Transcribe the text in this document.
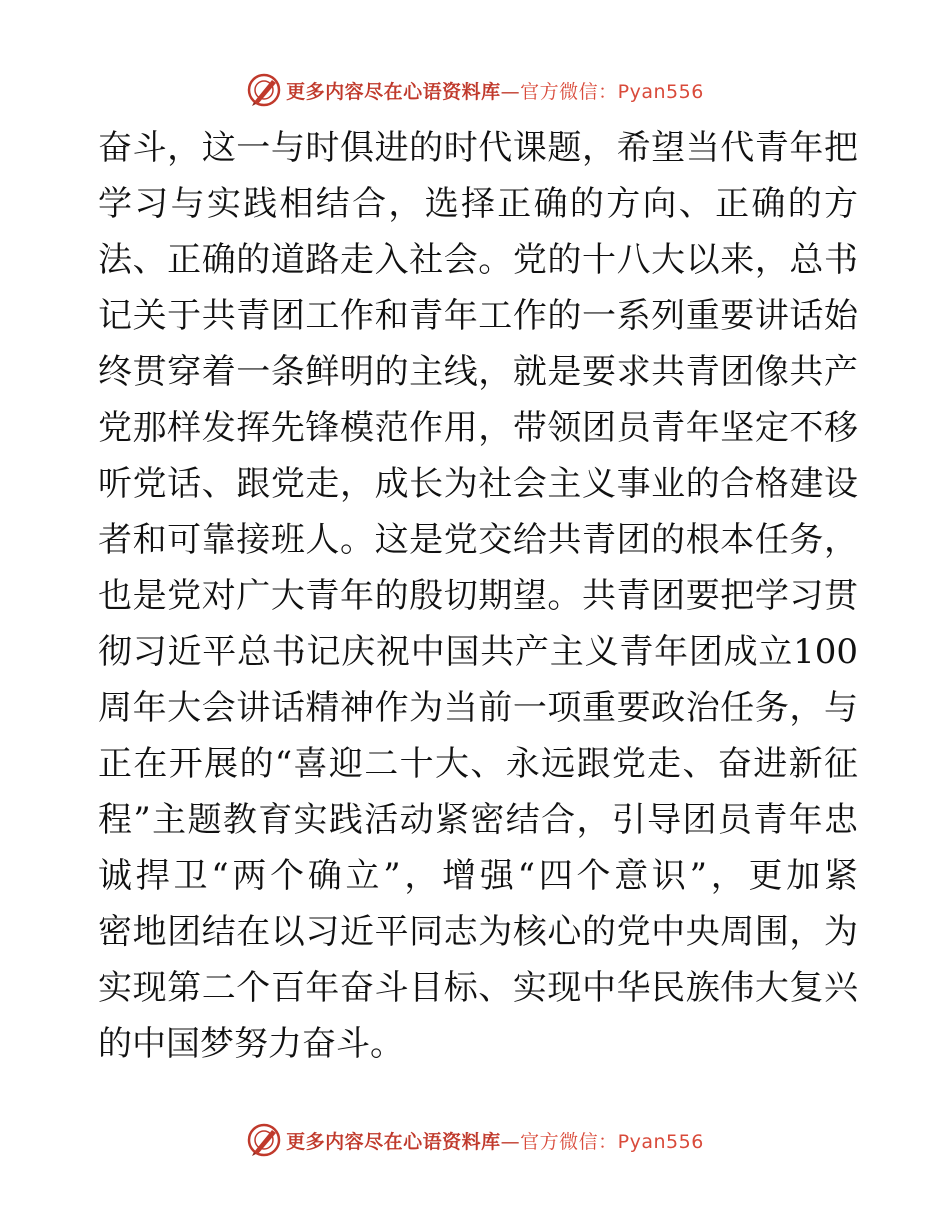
更多内容尽在心语资料库—官方微信：Pyan556
奋斗，这一与时俱进的时代课题，希望当代青年把
学习与实践相结合，选择正确的方向、正确的方
法、正确的道路走入社会。党的十八大以来，总书
记关于共青团工作和青年工作的一系列重要讲话始
终贯穿着一条鲜明的主线，就是要求共青团像共产
党那样发挥先锋模范作用，带领团员青年坚定不移
听党话、跟党走，成长为社会主义事业的合格建设
者和可靠接班人。这是党交给共青团的根本任务，
也是党对广大青年的殷切期望。共青团要把学习贯
彻习近平总书记庆祝中国共产主义青年团成立100
周年大会讲话精神作为当前一项重要政治任务，与
正在开展的“喜迎二十大、永远跟党走、奋进新征
程”主题教育实践活动紧密结合，引导团员青年忠
诚捍卫“两个确立”，增强“四个意识”，更加紧
密地团结在以习近平同志为核心的党中央周围，为
实现第二个百年奋斗目标、实现中华民族伟大复兴
的中国梦努力奋斗。
更多内容尽在心语资料库—官方微信：Pyan556
